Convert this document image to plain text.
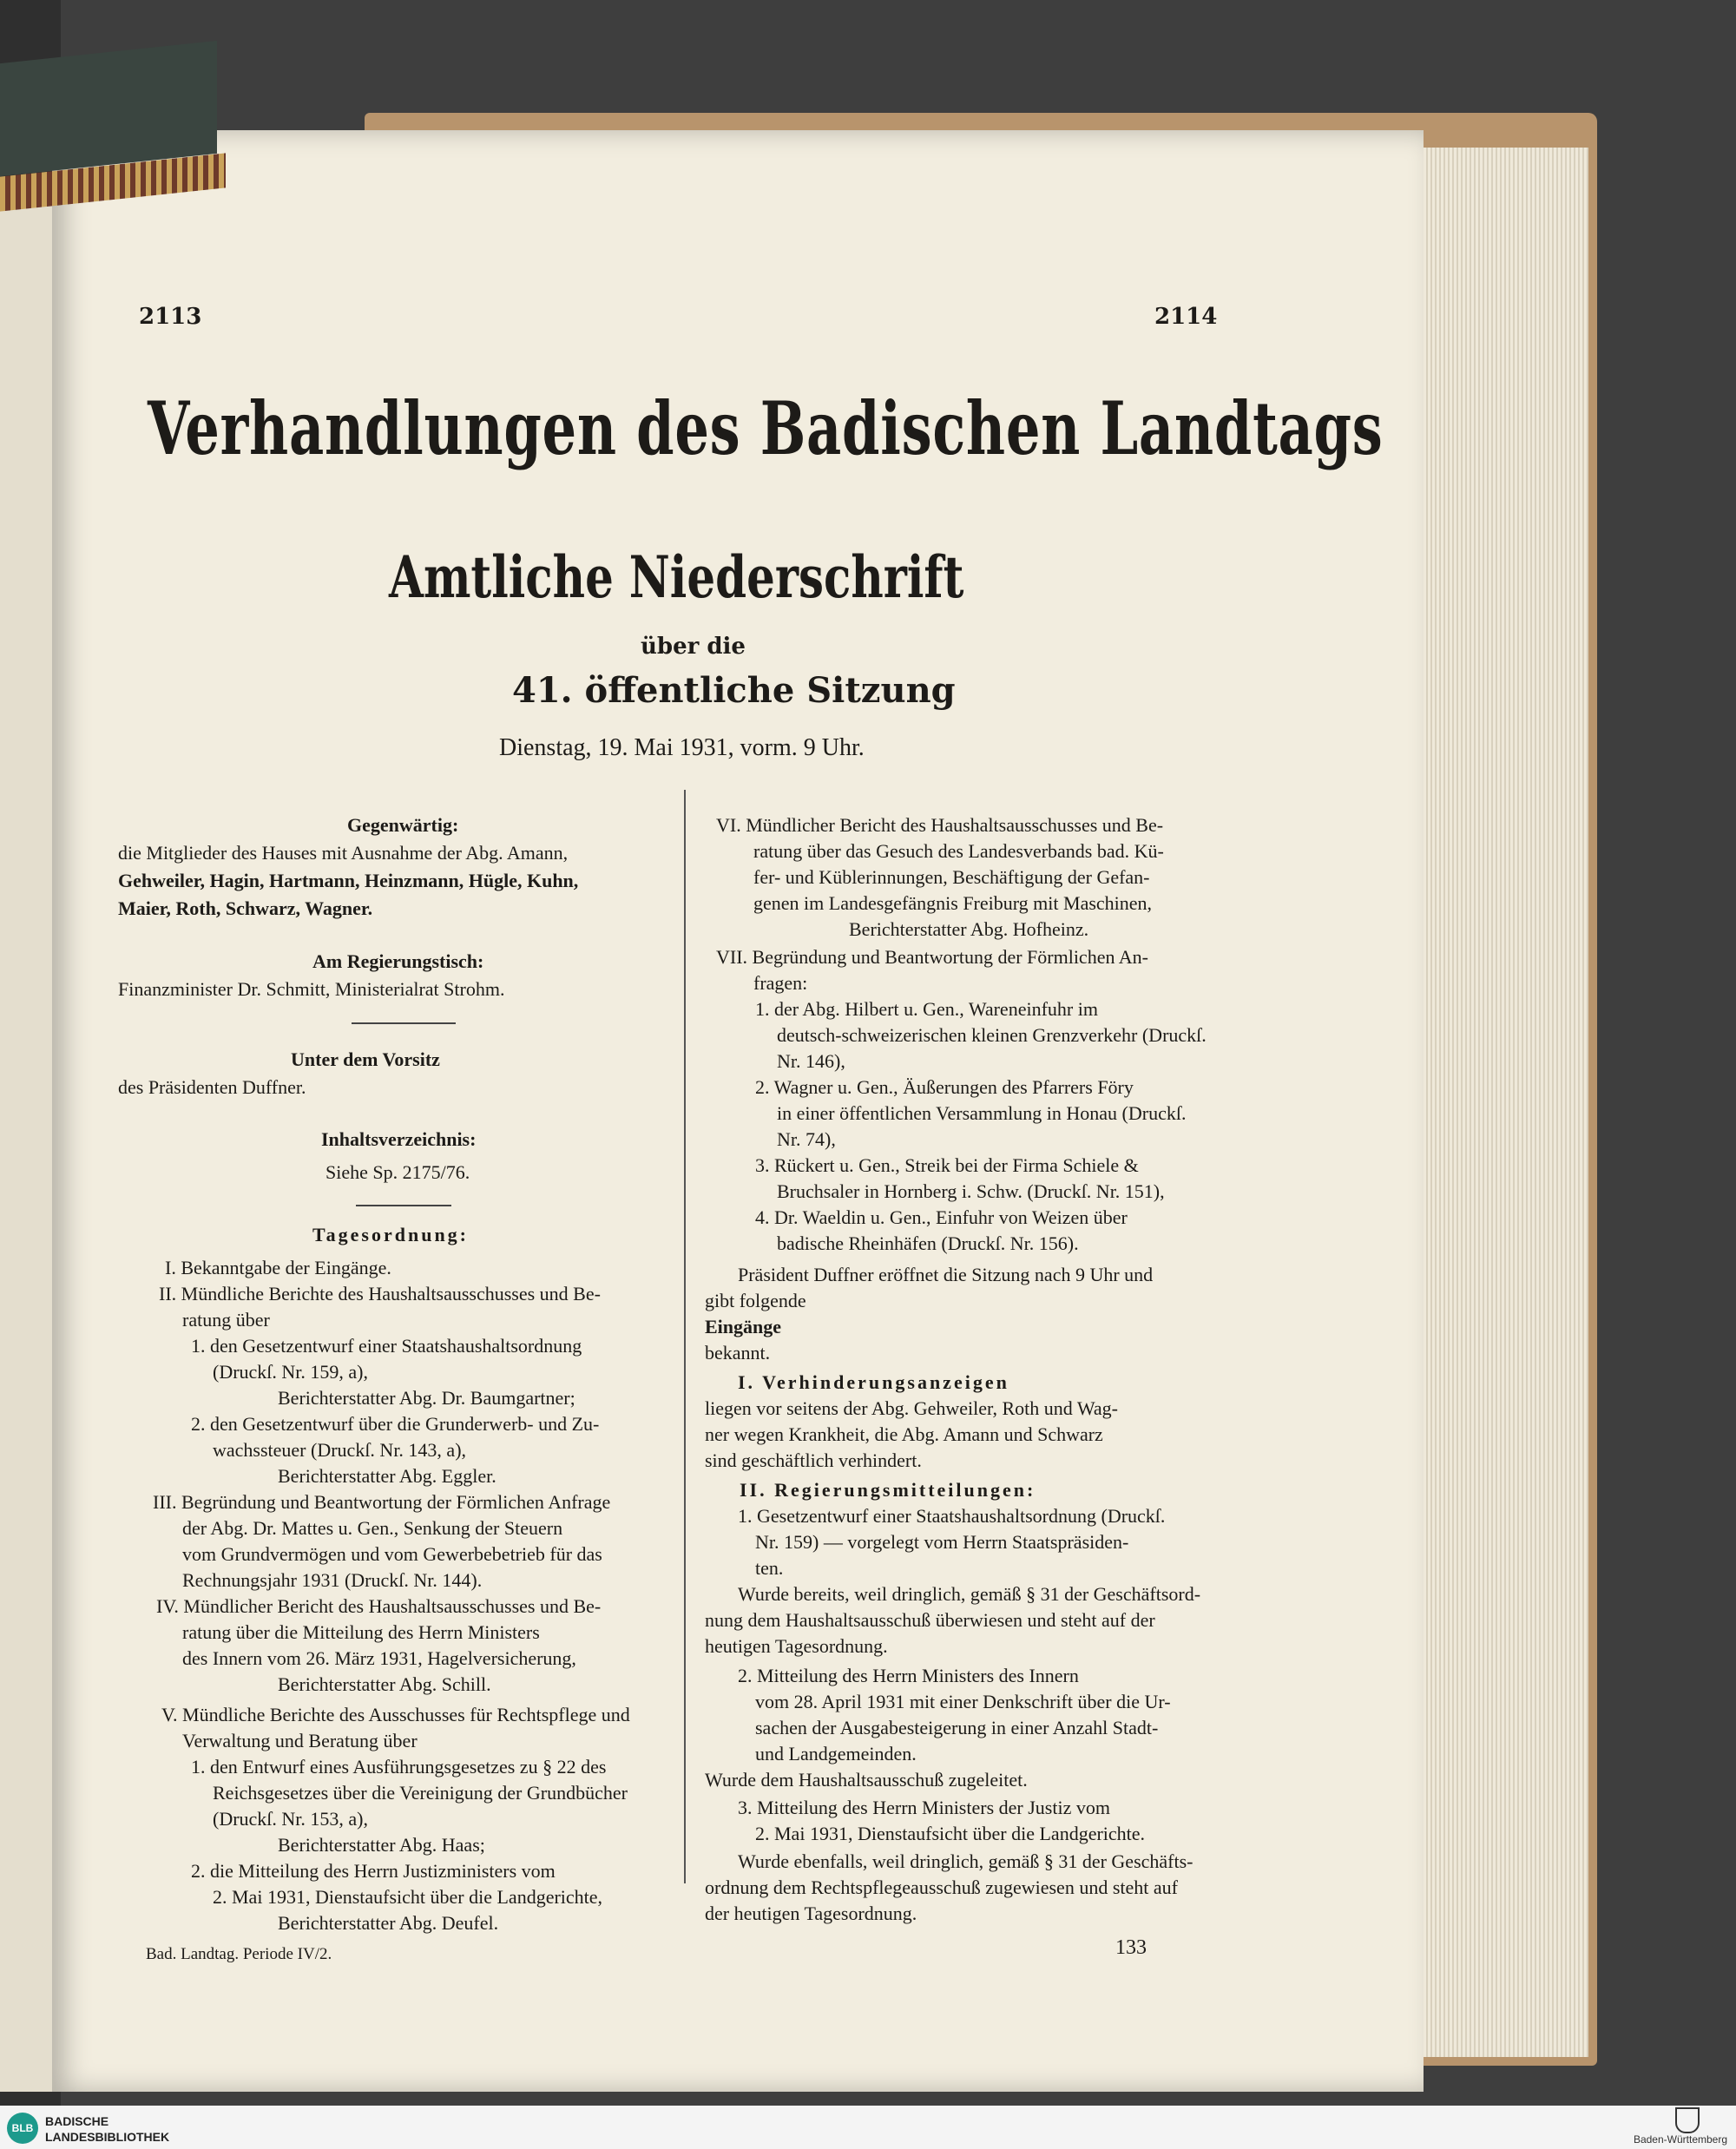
2113	2114
Verhandlungen des Badischen Landtags
Amtliche Niederschrift
über die
41. öffentliche Sitzung
Dienstag, 19. Mai 1931, vorm. 9 Uhr.
Gegenwärtig:
die Mitglieder des Hauses mit Ausnahme der Abg. Amann,
Gehweiler, Hagin, Hartmann, Heinzmann, Hügle, Kuhn,
Maier, Roth, Schwarz, Wagner.
Am Regierungstisch:
Finanzminister Dr. Schmitt, Ministerialrat Strohm.
Unter dem Vorsitz
des Präsidenten Duffner.
Inhaltsverzeichnis:
Siehe Sp. 2175/76.
Tagesordnung:
I. Bekanntgabe der Eingänge.
II. Mündliche Berichte des Haushaltsausschusses und Be-
ratung über
1. den Gesetzentwurf einer Staatshaushaltsordnung
(Druckſ. Nr. 159, a),
Berichterstatter Abg. Dr. Baumgartner;
2. den Gesetzentwurf über die Grunderwerb- und Zu-
wachssteuer (Druckſ. Nr. 143, a),
Berichterstatter Abg. Eggler.
III. Begründung und Beantwortung der Förmlichen Anfrage
der Abg. Dr. Mattes u. Gen., Senkung der Steuern
vom Grundvermögen und vom Gewerbebetrieb für das
Rechnungsjahr 1931 (Druckſ. Nr. 144).
IV. Mündlicher Bericht des Haushaltsausschusses und Be-
ratung über die Mitteilung des Herrn Ministers
des Innern vom 26. März 1931, Hagelversicherung,
Berichterstatter Abg. Schill.
V. Mündliche Berichte des Ausschusses für Rechtspflege und
Verwaltung und Beratung über
1. den Entwurf eines Ausführungsgesetzes zu § 22 des
Reichsgesetzes über die Vereinigung der Grundbücher
(Druckſ. Nr. 153, a),
Berichterstatter Abg. Haas;
2. die Mitteilung des Herrn Justizministers vom
2. Mai 1931, Dienstaufsicht über die Landgerichte,
Berichterstatter Abg. Deufel.
Bad. Landtag. Periode IV/2.
VI. Mündlicher Bericht des Haushaltsausschusses und Be-
ratung über das Gesuch des Landesverbands bad. Kü-
fer- und Küblerinnungen, Beschäftigung der Gefan-
genen im Landesgefängnis Freiburg mit Maschinen,
Berichterstatter Abg. Hofheinz.
VII. Begründung und Beantwortung der Förmlichen An-
fragen:
1. der Abg. Hilbert u. Gen., Wareneinfuhr im
deutsch-schweizerischen kleinen Grenzverkehr (Druckſ.
Nr. 146),
2. Wagner u. Gen., Äußerungen des Pfarrers Föry
in einer öffentlichen Versammlung in Honau (Druckſ.
Nr. 74),
3. Rückert u. Gen., Streik bei der Firma Schiele &
Bruchsaler in Hornberg i. Schw. (Druckſ. Nr. 151),
4. Dr. Waeldin u. Gen., Einfuhr von Weizen über
badische Rheinhäfen (Druckſ. Nr. 156).
Präsident Duffner eröffnet die Sitzung nach 9 Uhr und
gibt folgende
Eingänge
bekannt.
I. Verhinderungsanzeigen
liegen vor seitens der Abg. Gehweiler, Roth und Wag-
ner wegen Krankheit, die Abg. Amann und Schwarz
sind geschäftlich verhindert.
II. Regierungsmitteilungen:
1. Gesetzentwurf einer Staatshaushaltsordnung (Druckſ.
Nr. 159) — vorgelegt vom Herrn Staatspräsiden-
ten.
Wurde bereits, weil dringlich, gemäß § 31 der Geschäftsord-
nung dem Haushaltsausschuß überwiesen und steht auf der
heutigen Tagesordnung.
2. Mitteilung des Herrn Ministers des Innern
vom 28. April 1931 mit einer Denkschrift über die Ur-
sachen der Ausgabesteigerung in einer Anzahl Stadt-
und Landgemeinden.
Wurde dem Haushaltsausschuß zugeleitet.
3. Mitteilung des Herrn Ministers der Justiz vom
2. Mai 1931, Dienstaufsicht über die Landgerichte.
Wurde ebenfalls, weil dringlich, gemäß § 31 der Geschäfts-
ordnung dem Rechtspflegeausschuß zugewiesen und steht auf
der heutigen Tagesordnung.
133
BLB BADISCHE
LANDESBIBLIOTHEK	Baden-Württemberg
